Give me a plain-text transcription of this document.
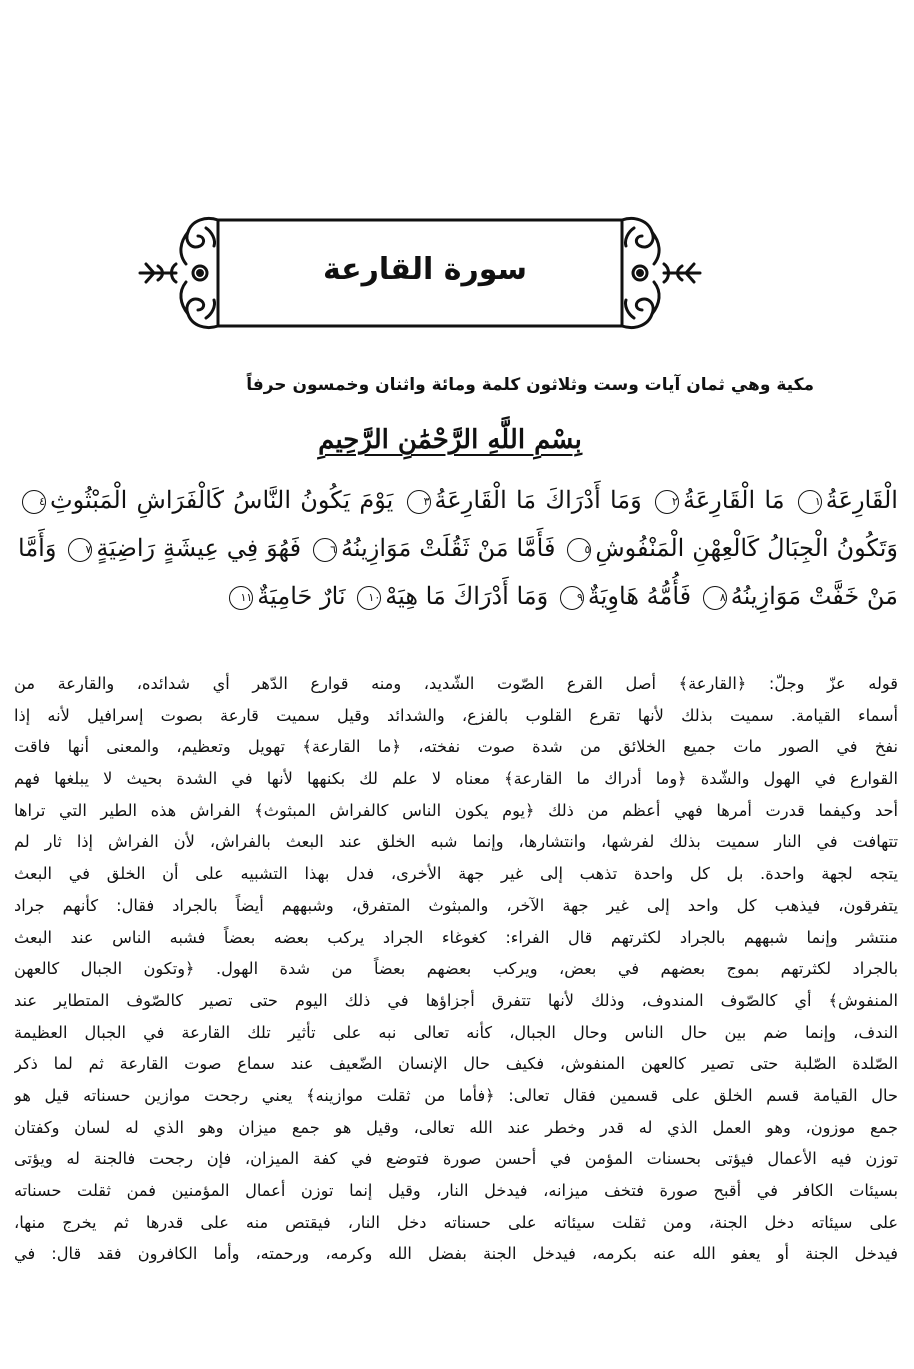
سورة القارعة
مكية وهي ثمان آيات وست وثلاثون كلمة ومائة واثنان وخمسون حرفاً
بِسْمِ اللَّهِ الرَّحْمَٰنِ الرَّحِيمِ
الْقَارِعَةُ١ مَا الْقَارِعَةُ٢ وَمَا أَدْرَاكَ مَا الْقَارِعَةُ٣ يَوْمَ يَكُونُ النَّاسُ كَالْفَرَاشِ الْمَبْثُوثِ٤ وَتَكُونُ الْجِبَالُ كَالْعِهْنِ الْمَنْفُوشِ٥ فَأَمَّا مَنْ ثَقُلَتْ مَوَازِينُهُ٦ فَهُوَ فِي عِيشَةٍ رَاضِيَةٍ٧ وَأَمَّا مَنْ خَفَّتْ مَوَازِينُهُ٨ فَأُمُّهُ هَاوِيَةٌ٩ وَمَا أَدْرَاكَ مَا هِيَهْ١٠ نَارٌ حَامِيَةٌ١١
قوله عزّ وجلّ: ﴿القارعة﴾ أصل القرع الصّوت الشّديد، ومنه قوارع الدّهر أي شدائده، والقارعة من
أسماء القيامة. سميت بذلك لأنها تقرع القلوب بالفزع، والشدائد وقيل سميت قارعة بصوت إسرافيل لأنه إذا
نفخ في الصور مات جميع الخلائق من شدة صوت نفخته، ﴿ما القارعة﴾ تهويل وتعظيم، والمعنى أنها فاقت
القوارع في الهول والشّدة ﴿وما أدراك ما القارعة﴾ معناه لا علم لك بكنهها لأنها في الشدة بحيث لا يبلغها فهم
أحد وكيفما قدرت أمرها فهي أعظم من ذلك ﴿يوم يكون الناس كالفراش المبثوث﴾ الفراش هذه الطير التي تراها
تتهافت في النار سميت بذلك لفرشها، وانتشارها، وإنما شبه الخلق عند البعث بالفراش، لأن الفراش إذا ثار لم
يتجه لجهة واحدة. بل كل واحدة تذهب إلى غير جهة الأخرى، فدل بهذا التشبيه على أن الخلق في البعث
يتفرقون، فيذهب كل واحد إلى غير جهة الآخر، والمبثوث المتفرق، وشبههم أيضاً بالجراد فقال: كأنهم جراد
منتشر وإنما شبههم بالجراد لكثرتهم قال الفراء: كغوغاء الجراد يركب بعضه بعضاً فشبه الناس عند البعث
بالجراد لكثرتهم بموج بعضهم في بعض، ويركب بعضهم بعضاً من شدة الهول. ﴿وتكون الجبال كالعهن
المنفوش﴾ أي كالصّوف المندوف، وذلك لأنها تتفرق أجزاؤها في ذلك اليوم حتى تصير كالصّوف المتطاير عند
الندف، وإنما ضم بين حال الناس وحال الجبال، كأنه تعالى نبه على تأثير تلك القارعة في الجبال العظيمة
الصّلدة الصّلبة حتى تصير كالعهن المنفوش، فكيف حال الإنسان الضّعيف عند سماع صوت القارعة ثم لما ذكر
حال القيامة قسم الخلق على قسمين فقال تعالى: ﴿فأما من ثقلت موازينه﴾ يعني رجحت موازين حسناته قيل هو
جمع موزون، وهو العمل الذي له قدر وخطر عند الله تعالى، وقيل هو جمع ميزان وهو الذي له لسان وكفتان
توزن فيه الأعمال فيؤتى بحسنات المؤمن في أحسن صورة فتوضع في كفة الميزان، فإن رجحت فالجنة له ويؤتى
بسيئات الكافر في أقبح صورة فتخف ميزانه، فيدخل النار، وقيل إنما توزن أعمال المؤمنين فمن ثقلت حسناته
على سيئاته دخل الجنة، ومن ثقلت سيئاته على حسناته دخل النار، فيقتص منه على قدرها ثم يخرج منها،
فيدخل الجنة أو يعفو الله عنه بكرمه، فيدخل الجنة بفضل الله وكرمه، ورحمته، وأما الكافرون فقد قال: في
